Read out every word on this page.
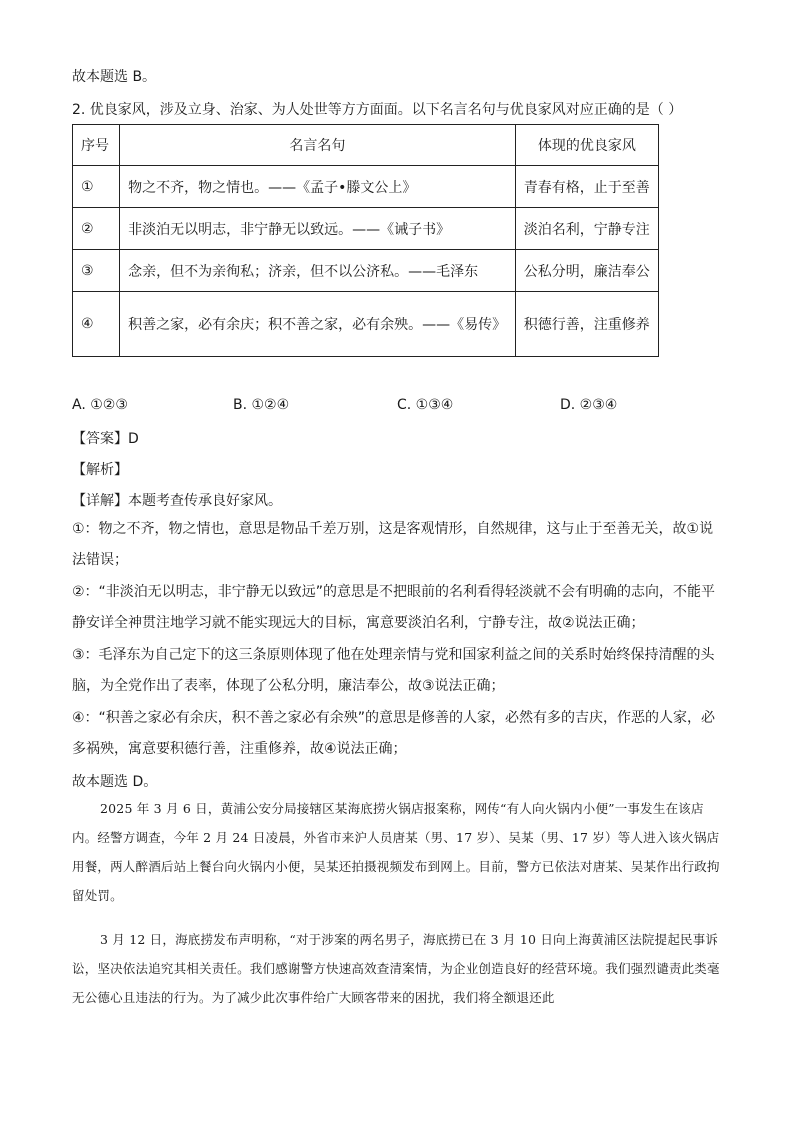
故本题选 B。
2. 优良家风，涉及立身、治家、为人处世等方方面面。以下名言名句与优良家风对应正确的是（ ）
序号	名言名句	体现的优良家风
①	物之不齐，物之情也。——《孟子•滕文公上》	青春有格，止于至善
②	非淡泊无以明志，非宁静无以致远。——《诫子书》	淡泊名利，宁静专注
③	念亲，但不为亲徇私；济亲，但不以公济私。——毛泽东	公私分明，廉洁奉公
④	积善之家，必有余庆；积不善之家，必有余殃。——《易传》	积德行善，注重修养
A. ①②③	B. ①②④	C. ①③④	D. ②③④
【答案】D
【解析】
【详解】本题考查传承良好家风。
①：物之不齐，物之情也，意思是物品千差万别，这是客观情形，自然规律，这与止于至善无关，故①说法错误；
②：“非淡泊无以明志，非宁静无以致远”的意思是不把眼前的名利看得轻淡就不会有明确的志向，不能平静安详全神贯注地学习就不能实现远大的目标，寓意要淡泊名利，宁静专注，故②说法正确；
③：毛泽东为自己定下的这三条原则体现了他在处理亲情与党和国家利益之间的关系时始终保持清醒的头脑，为全党作出了表率，体现了公私分明，廉洁奉公，故③说法正确；
④：“积善之家必有余庆，积不善之家必有余殃”的意思是修善的人家，必然有多的吉庆，作恶的人家，必多祸殃，寓意要积德行善，注重修养，故④说法正确；
故本题选 D。
2025 年 3 月 6 日，黄浦公安分局接辖区某海底捞火锅店报案称，网传“有人向火锅内小便”一事发生在该店内。经警方调查，今年 2 月 24 日凌晨，外省市来沪人员唐某（男、17 岁）、吴某（男、17 岁）等人进入该火锅店用餐，两人醉酒后站上餐台向火锅内小便，吴某还拍摄视频发布到网上。目前，警方已依法对唐某、吴某作出行政拘留处罚。
3 月 12 日，海底捞发布声明称，“对于涉案的两名男子，海底捞已在 3 月 10 日向上海黄浦区法院提起民事诉讼，坚决依法追究其相关责任。我们感谢警方快速高效查清案情，为企业创造良好的经营环境。我们强烈谴责此类毫无公德心且违法的行为。为了减少此次事件给广大顾客带来的困扰，我们将全额退还此
